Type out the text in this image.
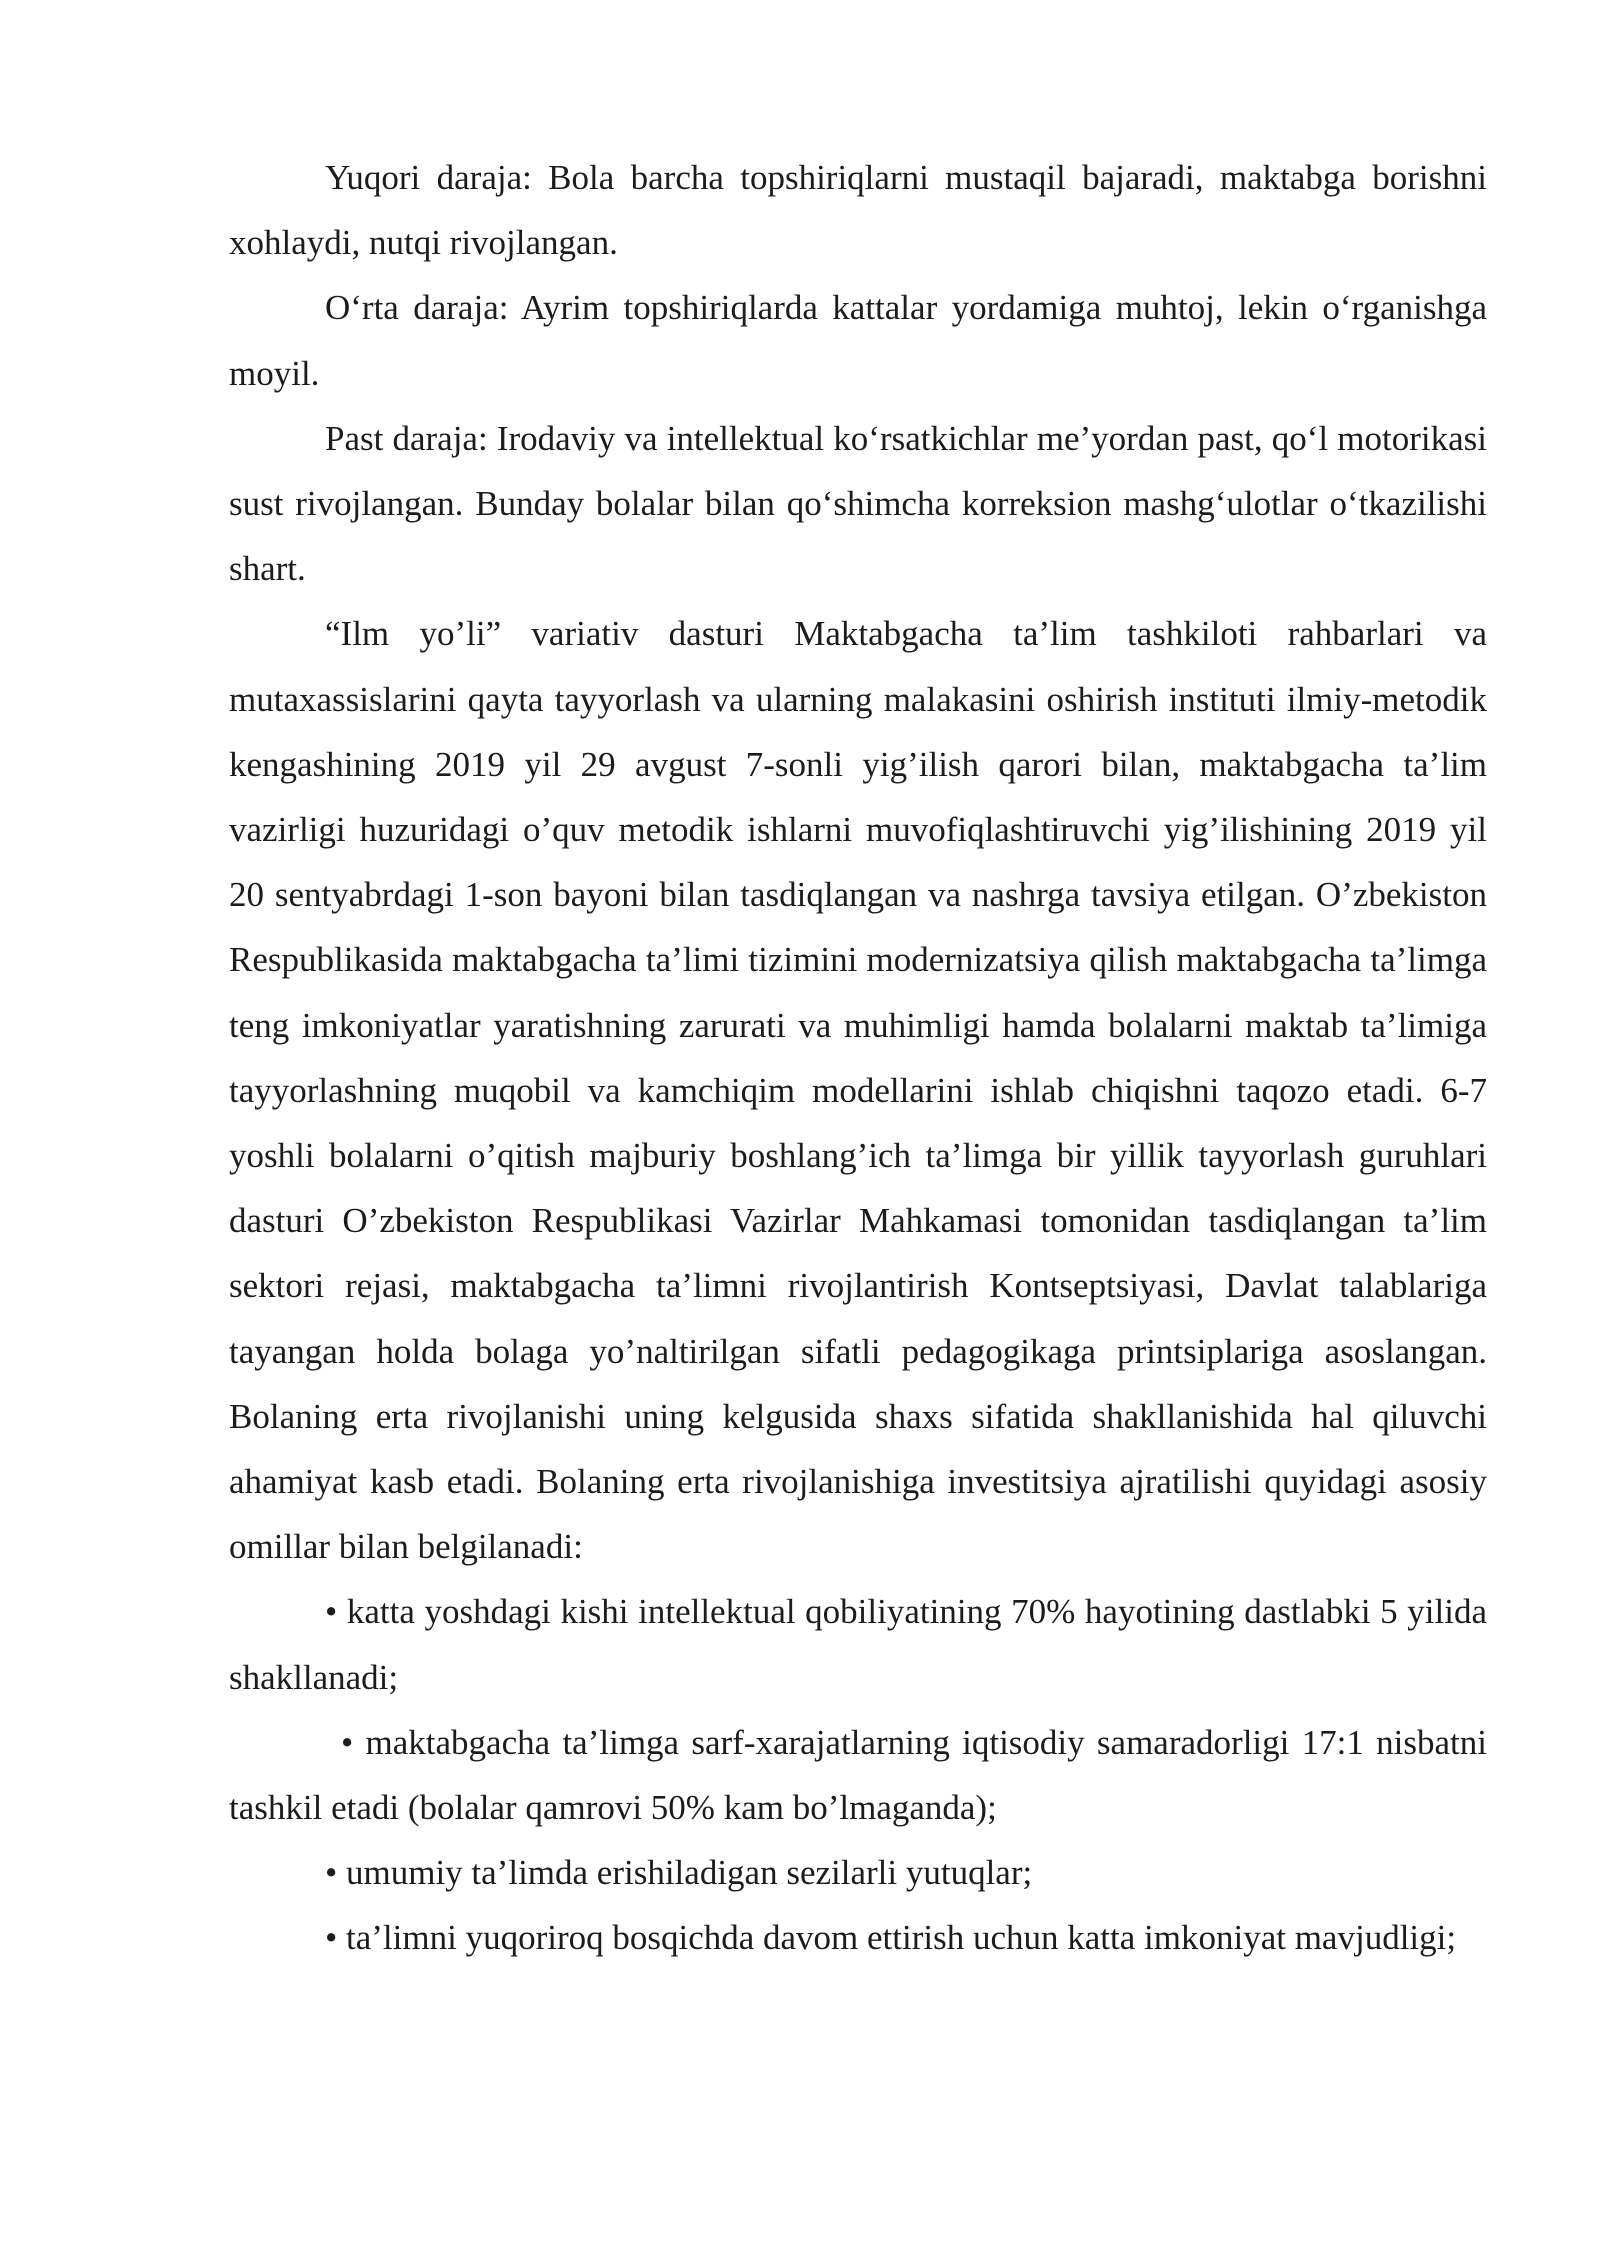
Yuqori daraja: Bola barcha topshiriqlarni mustaqil bajaradi, maktabga borishni xohlaydi, nutqi rivojlangan.

O‘rta daraja: Ayrim topshiriqlarda kattalar yordamiga muhtoj, lekin o‘rganishga moyil.

Past daraja: Irodaviy va intellektual ko‘rsatkichlar me’yordan past, qo‘l motorikasi sust rivojlangan. Bunday bolalar bilan qo‘shimcha korreksion mashg‘ulotlar o‘tkazilishi shart.

“Ilm yo’li” variativ dasturi Maktabgacha ta’lim tashkiloti rahbarlari va mutaxassislarini qayta tayyorlash va ularning malakasini oshirish instituti ilmiy-metodik kengashining 2019 yil 29 avgust 7-sonli yig’ilish qarori bilan, maktabgacha ta’lim vazirligi huzuridagi o’quv metodik ishlarni muvofiqlashtiruvchi yig’ilishining 2019 yil 20 sentyabrdagi 1-son bayoni bilan tasdiqlangan va nashrga tavsiya etilgan. O’zbekiston Respublikasida maktabgacha ta’limi tizimini modernizatsiya qilish maktabgacha ta’limga teng imkoniyatlar yaratishning zarurati va muhimligi hamda bolalarni maktab ta’limiga tayyorlashning muqobil va kamchiqim modellarini ishlab chiqishni taqozo etadi. 6-7 yoshli bolalarni o’qitish majburiy boshlang’ich ta’limga bir yillik tayyorlash guruhlari dasturi O’zbekiston Respublikasi Vazirlar Mahkamasi tomonidan tasdiqlangan ta’lim sektori rejasi, maktabgacha ta’limni rivojlantirish Kontseptsiyasi, Davlat talablariga tayangan holda bolaga yo’naltirilgan sifatli pedagogikaga printsiplariga asoslangan. Bolaning erta rivojlanishi uning kelgusida shaxs sifatida shakllanishida hal qiluvchi ahamiyat kasb etadi. Bolaning erta rivojlanishiga investitsiya ajratilishi quyidagi asosiy omillar bilan belgilanadi:

• katta yoshdagi kishi intellektual qobiliyatining 70% hayotining dastlabki 5 yilida shakllanadi;

• maktabgacha ta’limga sarf-xarajatlarning iqtisodiy samaradorligi 17:1 nisbatni tashkil etadi (bolalar qamrovi 50% kam bo’lmaganda);

• umumiy ta’limda erishiladigan sezilarli yutuqlar;

• ta’limni yuqoriroq bosqichda davom ettirish uchun katta imkoniyat mavjudligi;
